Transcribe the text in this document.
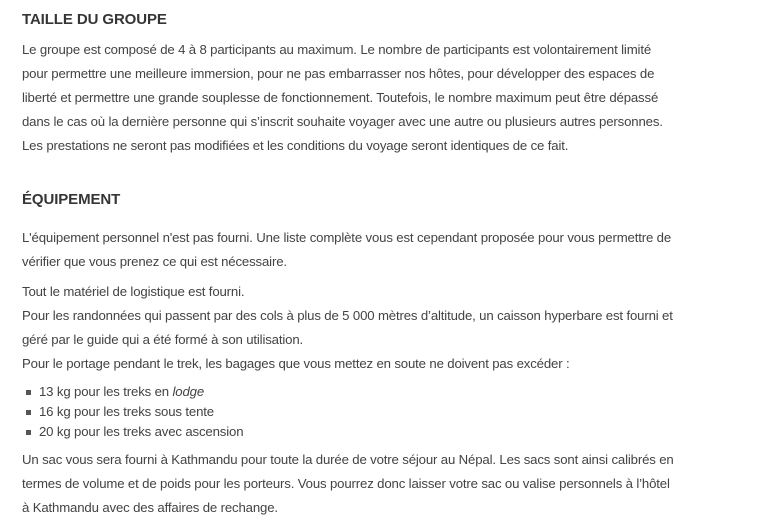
TAILLE DU GROUPE

Le groupe est composé de 4 à 8 participants au maximum. Le nombre de participants est volontairement limité

pour permettre une meilleure immersion, pour ne pas embarrasser nos hôtes, pour développer des espaces de

liberté et permettre une grande souplesse de fonctionnement. Toutefois, le nombre maximum peut être dépassé

dans le cas où la dernière personne qui s’inscrit souhaite voyager avec une autre ou plusieurs autres personnes.

Les prestations ne seront pas modifiées et les conditions du voyage seront identiques de ce fait.

ÉQUIPEMENT

L'équipement personnel n'est pas fourni. Une liste complète vous est cependant proposée pour vous permettre de

vérifier que vous prenez ce qui est nécessaire.

Tout le matériel de logistique est fourni.

Pour les randonnées qui passent par des cols à plus de 5 000 mètres d’altitude, un caisson hyperbare est fourni et

géré par le guide qui a été formé à son utilisation.

Pour le portage pendant le trek, les bagages que vous mettez en soute ne doivent pas excéder :

13 kg pour les treks en lodge
16 kg pour les treks sous tente
20 kg pour les treks avec ascension

Un sac vous sera fourni à Kathmandu pour toute la durée de votre séjour au Népal. Les sacs sont ainsi calibrés en

termes de volume et de poids pour les porteurs. Vous pourrez donc laisser votre sac ou valise personnels à l’hôtel

à Kathmandu avec des affaires de rechange.
